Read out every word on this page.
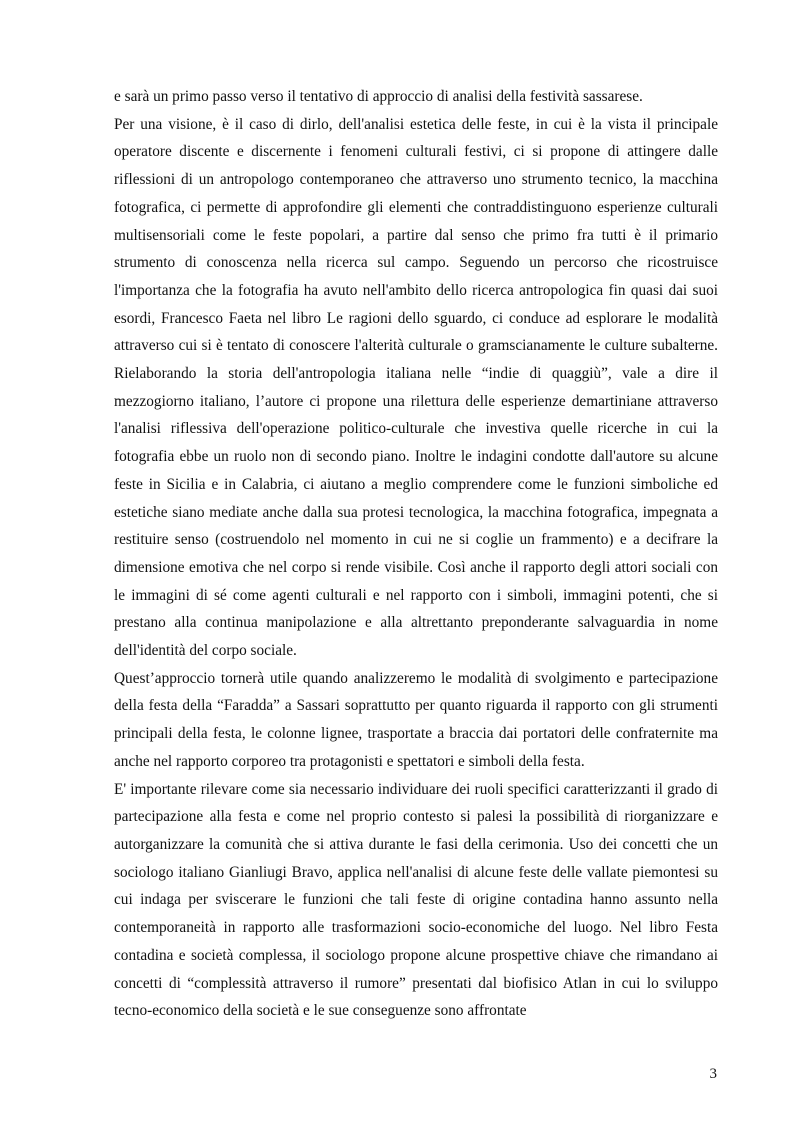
e sarà un primo passo verso il tentativo di approccio di analisi della festività sassarese.

Per una visione, è il caso di dirlo, dell'analisi estetica delle feste, in cui è la vista il principale operatore discente e discernente i fenomeni culturali festivi, ci si propone di attingere dalle riflessioni di un antropologo contemporaneo che attraverso uno strumento tecnico, la macchina fotografica, ci permette di approfondire gli elementi che contraddistinguono esperienze culturali multisensoriali come le feste popolari, a partire dal senso che primo fra tutti è il primario strumento di conoscenza nella ricerca sul campo. Seguendo un percorso che ricostruisce l'importanza che la fotografia ha avuto nell'ambito dello ricerca antropologica fin quasi dai suoi esordi, Francesco Faeta nel libro Le ragioni dello sguardo, ci conduce ad esplorare le modalità attraverso cui si è tentato di conoscere l'alterità culturale o gramscianamente le culture subalterne. Rielaborando la storia dell'antropologia italiana nelle “indie di quaggiù”, vale a dire il mezzogiorno italiano, l’autore ci propone una rilettura delle esperienze demartiniane attraverso l'analisi riflessiva dell'operazione politico-culturale che investiva quelle ricerche in cui la fotografia ebbe un ruolo non di secondo piano. Inoltre le indagini condotte dall'autore su alcune feste in Sicilia e in Calabria, ci aiutano a meglio comprendere come le funzioni simboliche ed estetiche siano mediate anche dalla sua protesi tecnologica, la macchina fotografica, impegnata a restituire senso (costruendolo nel momento in cui ne si coglie un frammento) e a decifrare la dimensione emotiva che nel corpo si rende visibile. Così anche il rapporto degli attori sociali con le immagini di sé come agenti culturali e nel rapporto con i simboli, immagini potenti, che si prestano alla continua manipolazione e alla altrettanto preponderante salvaguardia in nome dell'identità del corpo sociale.

Quest’approccio tornerà utile quando analizzeremo le modalità di svolgimento e partecipazione della festa della “Faradda” a Sassari soprattutto per quanto riguarda il rapporto con gli strumenti principali della festa, le colonne lignee, trasportate a braccia dai portatori delle confraternite ma anche nel rapporto corporeo tra protagonisti e spettatori e simboli della festa.

E' importante rilevare come sia necessario individuare dei ruoli specifici caratterizzanti il grado di partecipazione alla festa e come nel proprio contesto si palesi la possibilità di riorganizzare e autorganizzare la comunità che si attiva durante le fasi della cerimonia. Uso dei concetti che un sociologo italiano Gianliugi Bravo, applica nell'analisi di alcune feste delle vallate piemontesi su cui indaga per sviscerare le funzioni che tali feste di origine contadina hanno assunto nella contemporaneità in rapporto alle trasformazioni socio-economiche del luogo. Nel libro Festa contadina e società complessa, il sociologo propone alcune prospettive chiave che rimandano ai concetti di “complessità attraverso il rumore” presentati dal biofisico Atlan in cui lo sviluppo tecno-economico della società e le sue conseguenze sono affrontate

3
